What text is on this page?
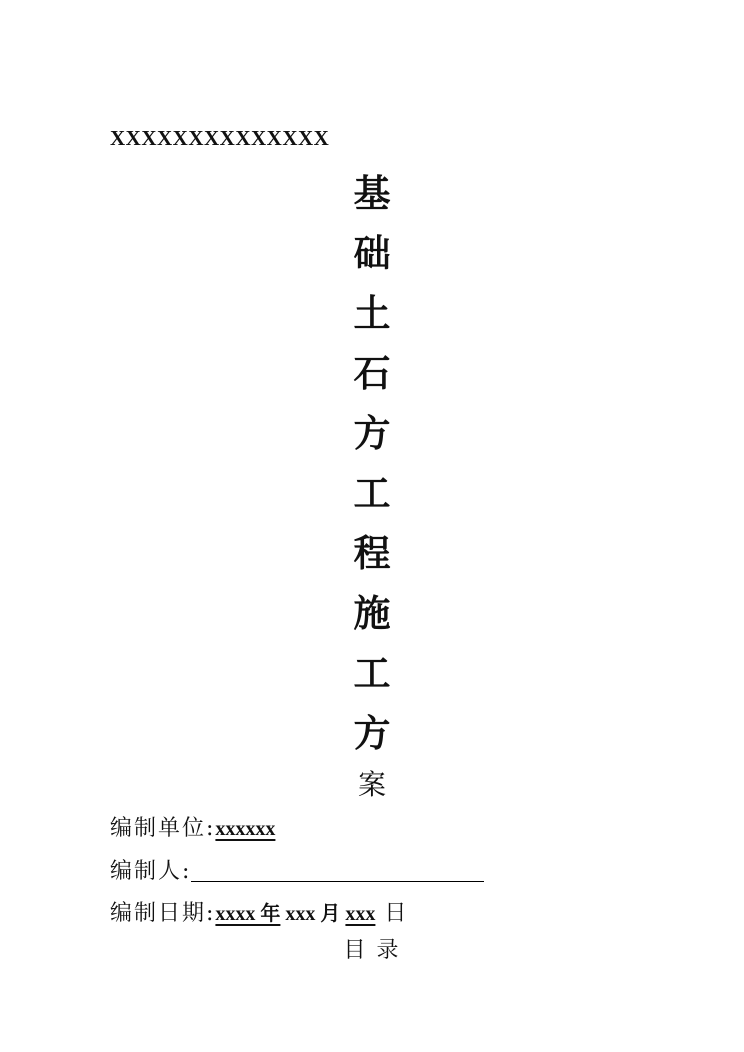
XXXXXXXXXXXXXX
基
础
土
石
方
工
程
施
工
方
案
编制单位:xxxxxx
编制人:
编制日期:xxxx 年 xxx 月 xxx 日
目 录
